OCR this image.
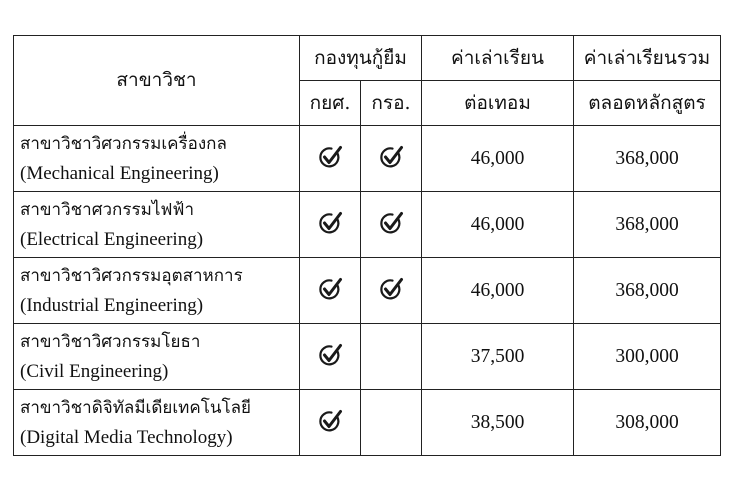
สาขาวิชา	กองทุนกู้ยืม		ค่าเล่าเรียน	ค่าเล่าเรียนรวม
	กยศ.	กรอ.	ต่อเทอม	ตลอดหลักสูตร

สาขาวิชาวิศวกรรมเครื่องกล
(Mechanical Engineering)			46,000	368,000

สาขาวิชาศวกรรมไฟฟ้า
(Electrical Engineering)			46,000	368,000

สาขาวิชาวิศวกรรมอุตสาหการ
(Industrial Engineering)			46,000	368,000

สาขาวิชาวิศวกรรมโยธา
(Civil Engineering)			37,500	300,000

สาขาวิชาดิจิทัลมีเดียเทคโนโลยี
(Digital Media Technology)			38,500	308,000
